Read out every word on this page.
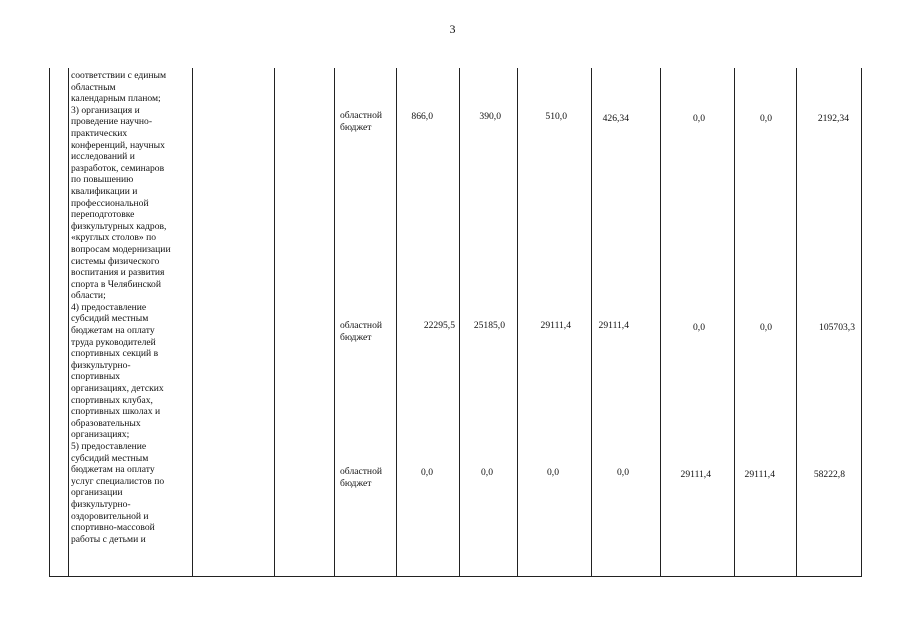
3
соответствии с единым
областным
календарным планом;
3) организация и
проведение научно-
практических
конференций, научных
исследований и
разработок, семинаров
по повышению
квалификации и
профессиональной
переподготовке
физкультурных кадров,
«круглых столов» по
вопросам модернизации
системы физического
воспитания и развития
спорта в Челябинской
области;
4) предоставление
субсидий местным
бюджетам на оплату
труда руководителей
спортивных секций в
физкультурно-
спортивных
организациях, детских
спортивных клубах,
спортивных школах и
образовательных
организациях;
5) предоставление
субсидий местным
бюджетам на оплату
услуг специалистов по
организации
физкультурно-
оздоровительной и
спортивно-массовой
работы с детьми и
областной
бюджет
866,0	390,0	510,0	426,34	0,0	0,0	2192,34
областной
бюджет
22295,5 25185,0	29111,4	29111,4	0,0	0,0	105703,3
областной
бюджет
0,0	0,0	0,0	0,0	29111,4	29111,4	58222,8
